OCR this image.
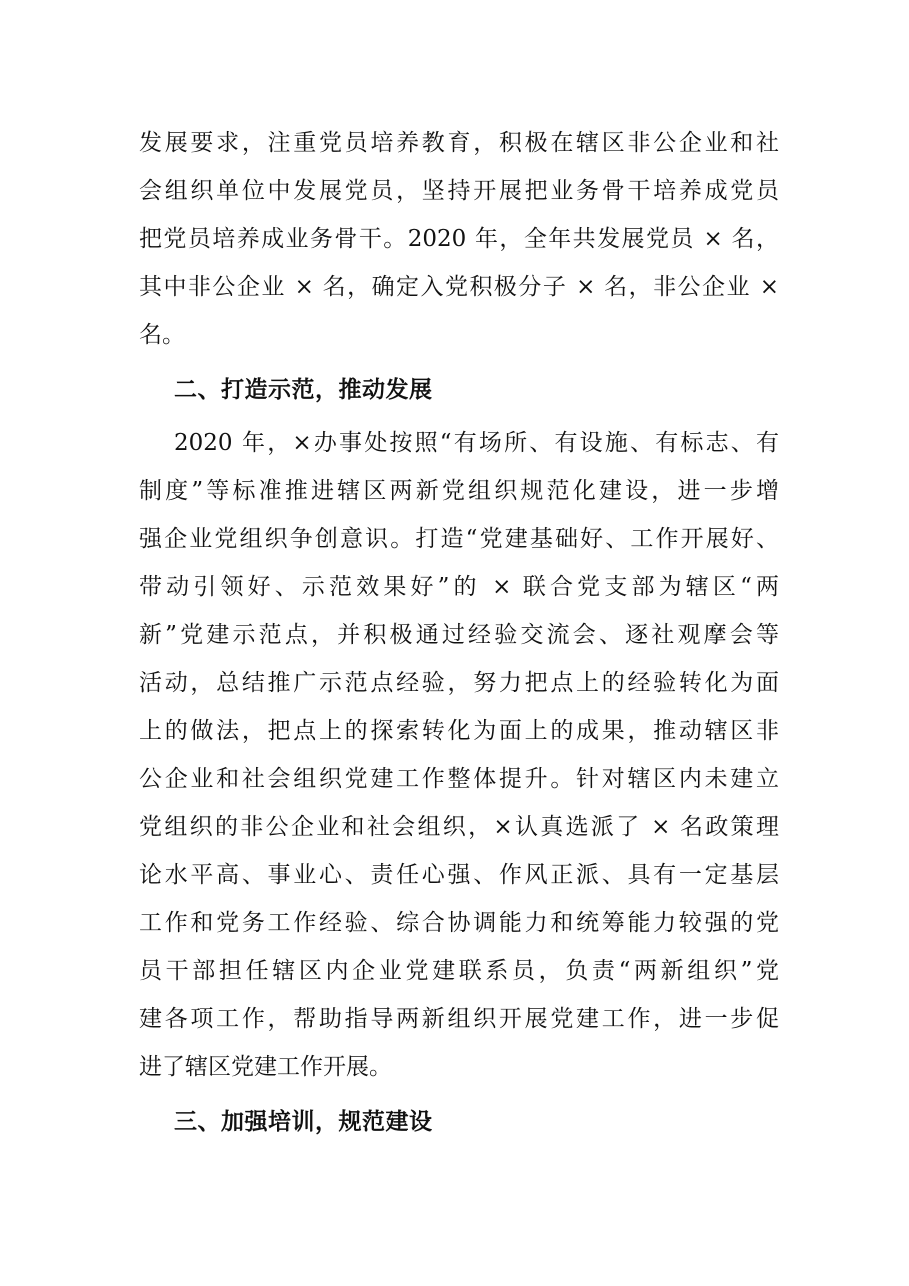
发展要求，注重党员培养教育，积极在辖区非公企业和社
会组织单位中发展党员，坚持开展把业务骨干培养成党员
把党员培养成业务骨干。2020 年，全年共发展党员 × 名，
其中非公企业 × 名，确定入党积极分子 × 名，非公企业 ×
名。
二、打造示范，推动发展
2020 年，×办事处按照“有场所、有设施、有标志、有
制度”等标准推进辖区两新党组织规范化建设，进一步增
强企业党组织争创意识。打造“党建基础好、工作开展好、
带动引领好、示范效果好”的 × 联合党支部为辖区“两
新”党建示范点，并积极通过经验交流会、逐社观摩会等
活动，总结推广示范点经验，努力把点上的经验转化为面
上的做法，把点上的探索转化为面上的成果，推动辖区非
公企业和社会组织党建工作整体提升。针对辖区内未建立
党组织的非公企业和社会组织，×认真选派了 × 名政策理
论水平高、事业心、责任心强、作风正派、具有一定基层
工作和党务工作经验、综合协调能力和统筹能力较强的党
员干部担任辖区内企业党建联系员，负责“两新组织”党
建各项工作，帮助指导两新组织开展党建工作，进一步促
进了辖区党建工作开展。
三、加强培训，规范建设
